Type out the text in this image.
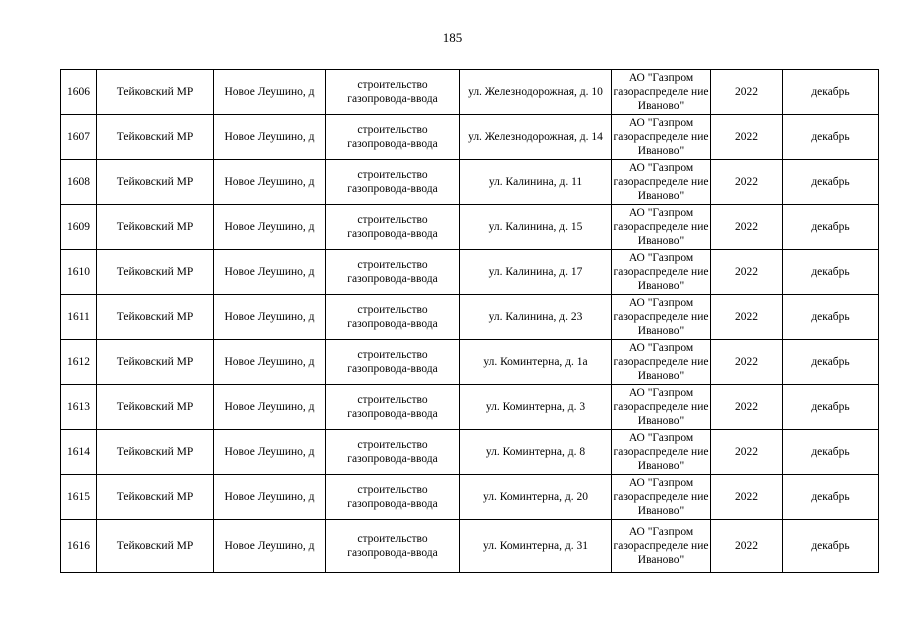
185
1606	Тейковский МР	Новое Леушино, д	строительство газопровода-ввода	ул. Железнодорожная, д. 10	АО "Газпром газораспределе ние Иваново"	2022	декабрь
1607	Тейковский МР	Новое Леушино, д	строительство газопровода-ввода	ул. Железнодорожная, д. 14	АО "Газпром газораспределе ние Иваново"	2022	декабрь
1608	Тейковский МР	Новое Леушино, д	строительство газопровода-ввода	ул. Калинина, д. 11	АО "Газпром газораспределе ние Иваново"	2022	декабрь
1609	Тейковский МР	Новое Леушино, д	строительство газопровода-ввода	ул. Калинина, д. 15	АО "Газпром газораспределе ние Иваново"	2022	декабрь
1610	Тейковский МР	Новое Леушино, д	строительство газопровода-ввода	ул. Калинина, д. 17	АО "Газпром газораспределе ние Иваново"	2022	декабрь
1611	Тейковский МР	Новое Леушино, д	строительство газопровода-ввода	ул. Калинина, д. 23	АО "Газпром газораспределе ние Иваново"	2022	декабрь
1612	Тейковский МР	Новое Леушино, д	строительство газопровода-ввода	ул. Коминтерна, д. 1а	АО "Газпром газораспределе ние Иваново"	2022	декабрь
1613	Тейковский МР	Новое Леушино, д	строительство газопровода-ввода	ул. Коминтерна, д. 3	АО "Газпром газораспределе ние Иваново"	2022	декабрь
1614	Тейковский МР	Новое Леушино, д	строительство газопровода-ввода	ул. Коминтерна, д. 8	АО "Газпром газораспределе ние Иваново"	2022	декабрь
1615	Тейковский МР	Новое Леушино, д	строительство газопровода-ввода	ул. Коминтерна, д. 20	АО "Газпром газораспределе ние Иваново"	2022	декабрь
1616	Тейковский МР	Новое Леушино, д	строительство газопровода-ввода	ул. Коминтерна, д. 31	АО "Газпром газораспределе ние Иваново"	2022	декабрь
